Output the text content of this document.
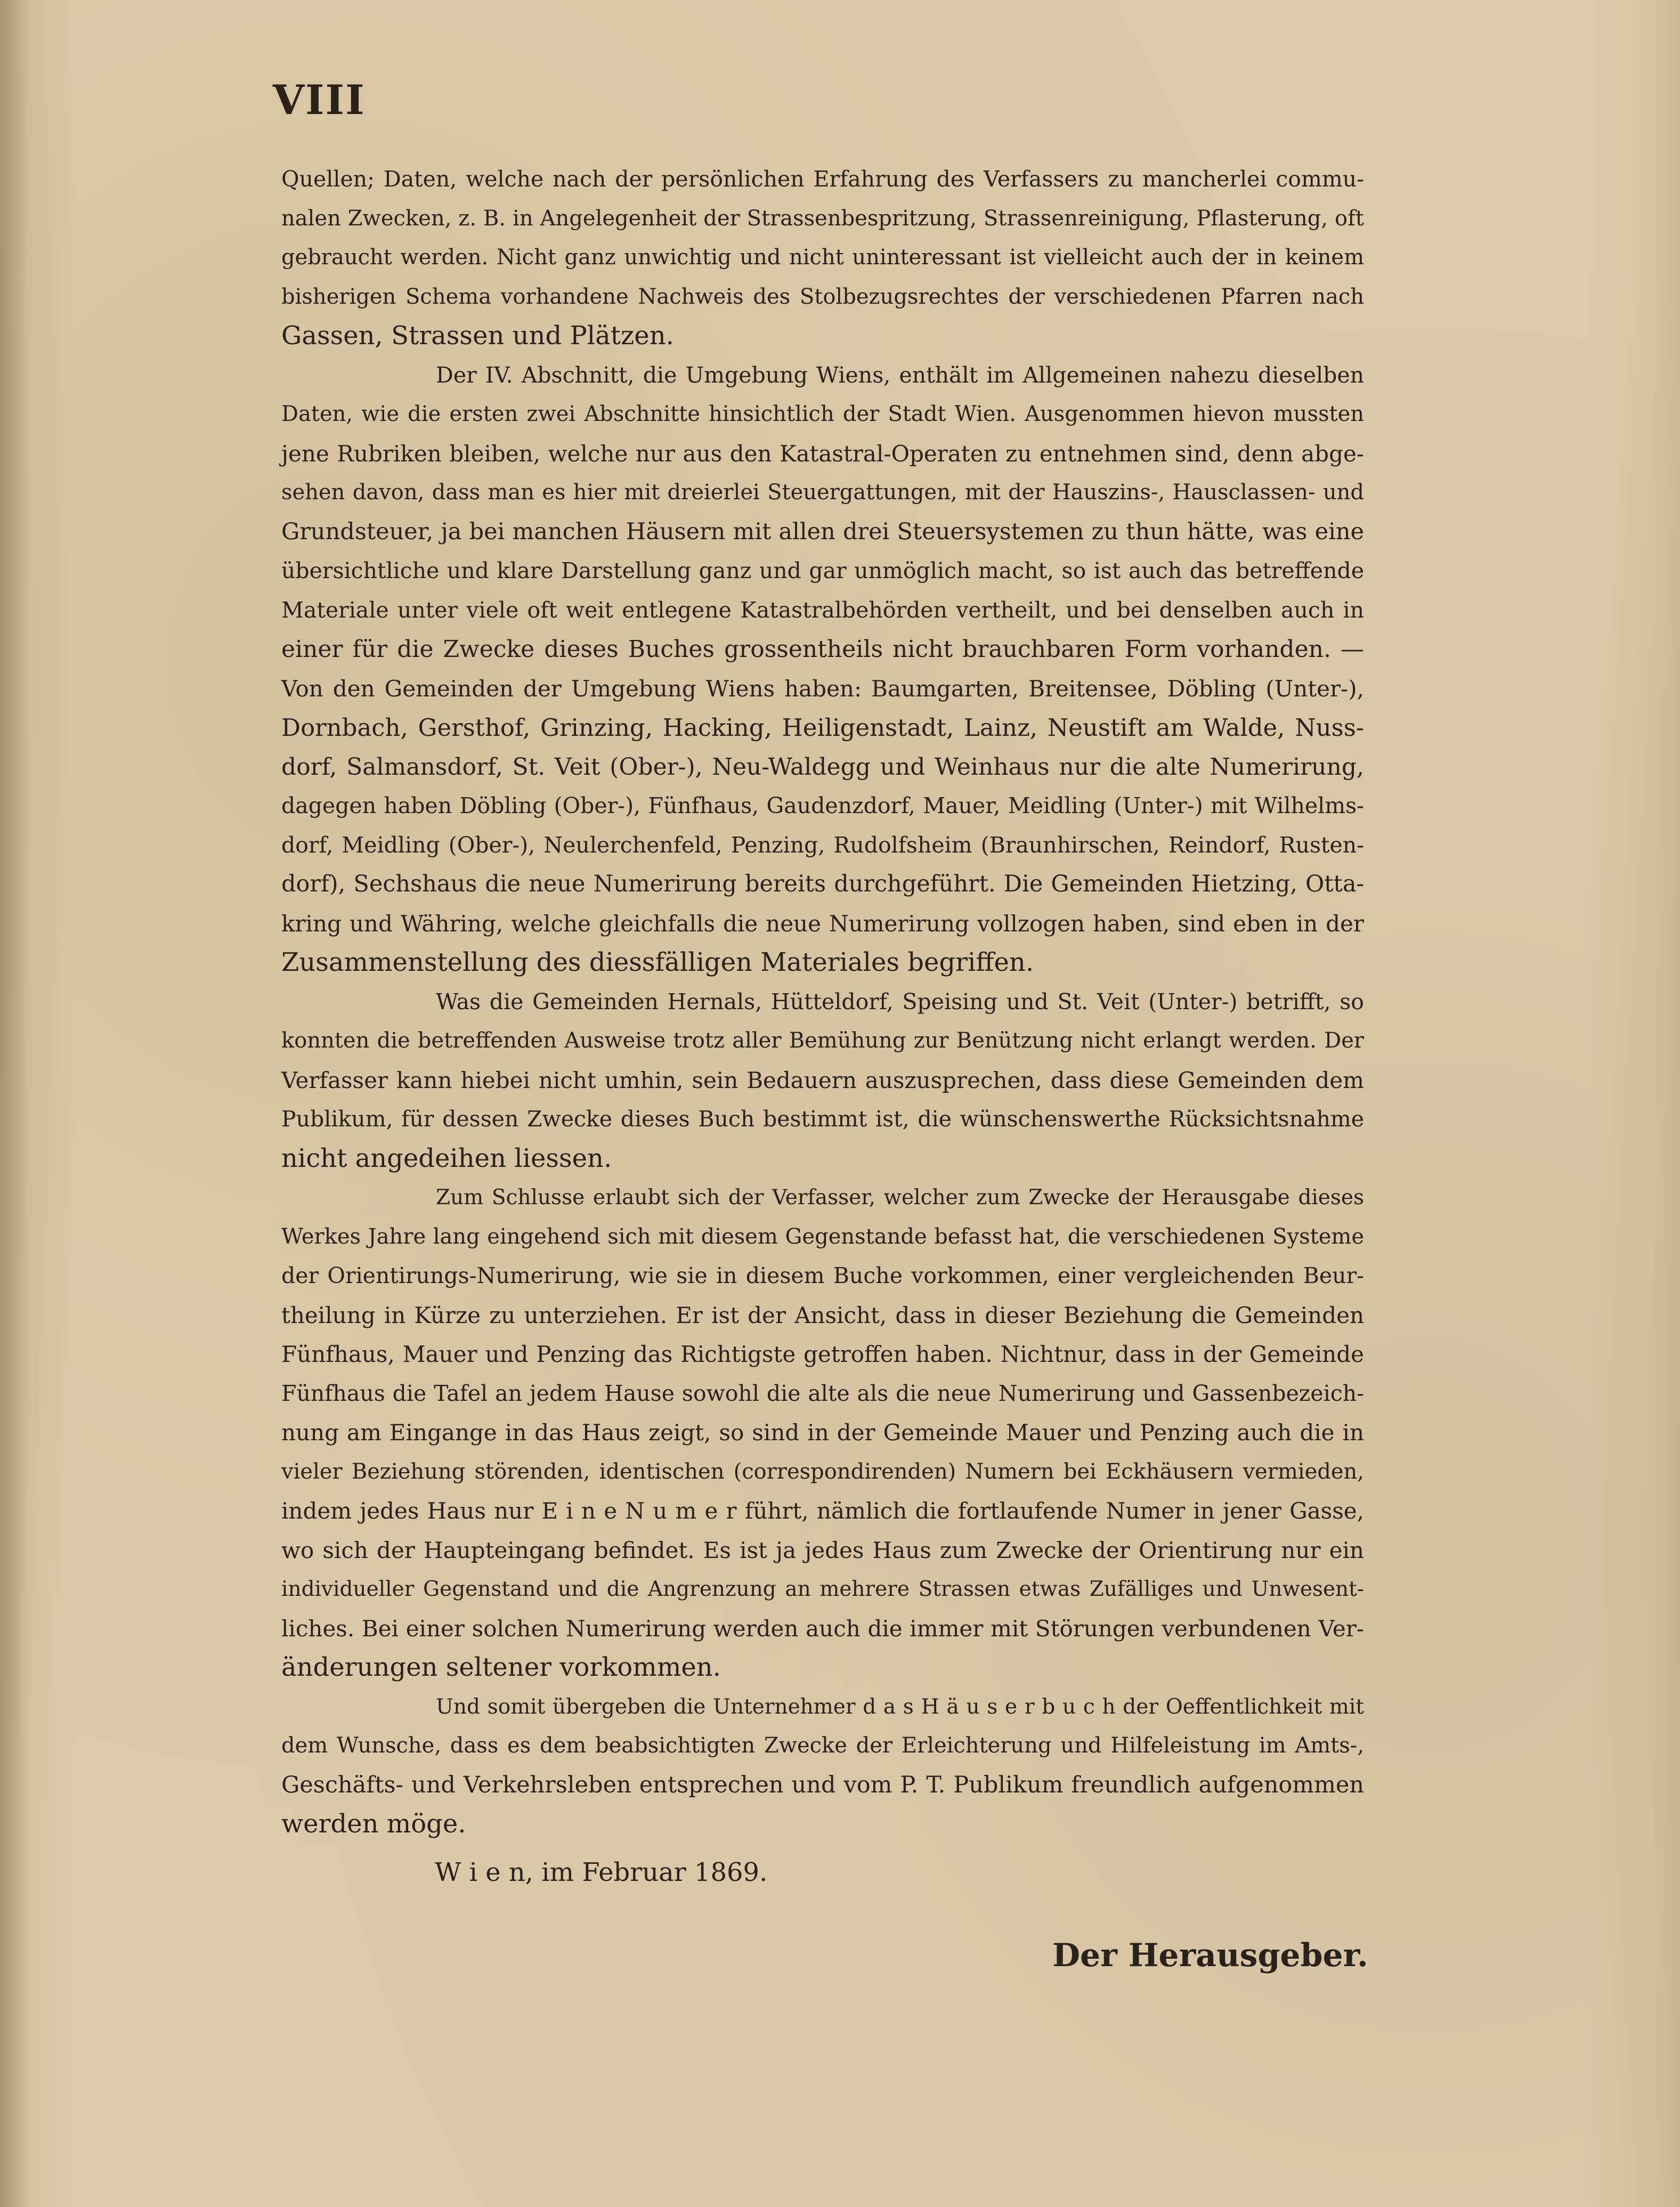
VIII
Quellen; Daten, welche nach der persönlichen Erfahrung des Verfassers zu mancherlei commu-
nalen Zwecken, z. B. in Angelegenheit der Strassenbespritzung, Strassenreinigung, Pflasterung, oft
gebraucht werden. Nicht ganz unwichtig und nicht uninteressant ist vielleicht auch der in keinem
bisherigen Schema vorhandene Nachweis des Stolbezugsrechtes der verschiedenen Pfarren nach
Gassen, Strassen und Plätzen.
Der IV. Abschnitt, die Umgebung Wiens, enthält im Allgemeinen nahezu dieselben
Daten, wie die ersten zwei Abschnitte hinsichtlich der Stadt Wien. Ausgenommen hievon mussten
jene Rubriken bleiben, welche nur aus den Katastral-Operaten zu entnehmen sind, denn abge-
sehen davon, dass man es hier mit dreierlei Steuergattungen, mit der Hauszins-, Hausclassen- und
Grundsteuer, ja bei manchen Häusern mit allen drei Steuersystemen zu thun hätte, was eine
übersichtliche und klare Darstellung ganz und gar unmöglich macht, so ist auch das betreffende
Materiale unter viele oft weit entlegene Katastralbehörden vertheilt, und bei denselben auch in
einer für die Zwecke dieses Buches grossentheils nicht brauchbaren Form vorhanden. —
Von den Gemeinden der Umgebung Wiens haben: Baumgarten, Breitensee, Döbling (Unter-),
Dornbach, Gersthof, Grinzing, Hacking, Heiligenstadt, Lainz, Neustift am Walde, Nuss-
dorf, Salmansdorf, St. Veit (Ober-), Neu-Waldegg und Weinhaus nur die alte Numerirung,
dagegen haben Döbling (Ober-), Fünfhaus, Gaudenzdorf, Mauer, Meidling (Unter-) mit Wilhelms-
dorf, Meidling (Ober-), Neulerchenfeld, Penzing, Rudolfsheim (Braunhirschen, Reindorf, Rusten-
dorf), Sechshaus die neue Numerirung bereits durchgeführt. Die Gemeinden Hietzing, Otta-
kring und Währing, welche gleichfalls die neue Numerirung vollzogen haben, sind eben in der
Zusammenstellung des diessfälligen Materiales begriffen.
Was die Gemeinden Hernals, Hütteldorf, Speising und St. Veit (Unter-) betrifft, so
konnten die betreffenden Ausweise trotz aller Bemühung zur Benützung nicht erlangt werden. Der
Verfasser kann hiebei nicht umhin, sein Bedauern auszusprechen, dass diese Gemeinden dem
Publikum, für dessen Zwecke dieses Buch bestimmt ist, die wünschenswerthe Rücksichtsnahme
nicht angedeihen liessen.
Zum Schlusse erlaubt sich der Verfasser, welcher zum Zwecke der Herausgabe dieses
Werkes Jahre lang eingehend sich mit diesem Gegenstande befasst hat, die verschiedenen Systeme
der Orientirungs-Numerirung, wie sie in diesem Buche vorkommen, einer vergleichenden Beur-
theilung in Kürze zu unterziehen. Er ist der Ansicht, dass in dieser Beziehung die Gemeinden
Fünfhaus, Mauer und Penzing das Richtigste getroffen haben. Nichtnur, dass in der Gemeinde
Fünfhaus die Tafel an jedem Hause sowohl die alte als die neue Numerirung und Gassenbezeich-
nung am Eingange in das Haus zeigt, so sind in der Gemeinde Mauer und Penzing auch die in
vieler Beziehung störenden, identischen (correspondirenden) Numern bei Eckhäusern vermieden,
indem jedes Haus nur E i n e N u m e r führt, nämlich die fortlaufende Numer in jener Gasse,
wo sich der Haupteingang befindet. Es ist ja jedes Haus zum Zwecke der Orientirung nur ein
individueller Gegenstand und die Angrenzung an mehrere Strassen etwas Zufälliges und Unwesent-
liches. Bei einer solchen Numerirung werden auch die immer mit Störungen verbundenen Ver-
änderungen seltener vorkommen.
Und somit übergeben die Unternehmer d a s H ä u s e r b u c h der Oeffentlichkeit mit
dem Wunsche, dass es dem beabsichtigten Zwecke der Erleichterung und Hilfeleistung im Amts-,
Geschäfts- und Verkehrsleben entsprechen und vom P. T. Publikum freundlich aufgenommen
werden möge.
W i e n, im Februar 1869.
Der Herausgeber.
